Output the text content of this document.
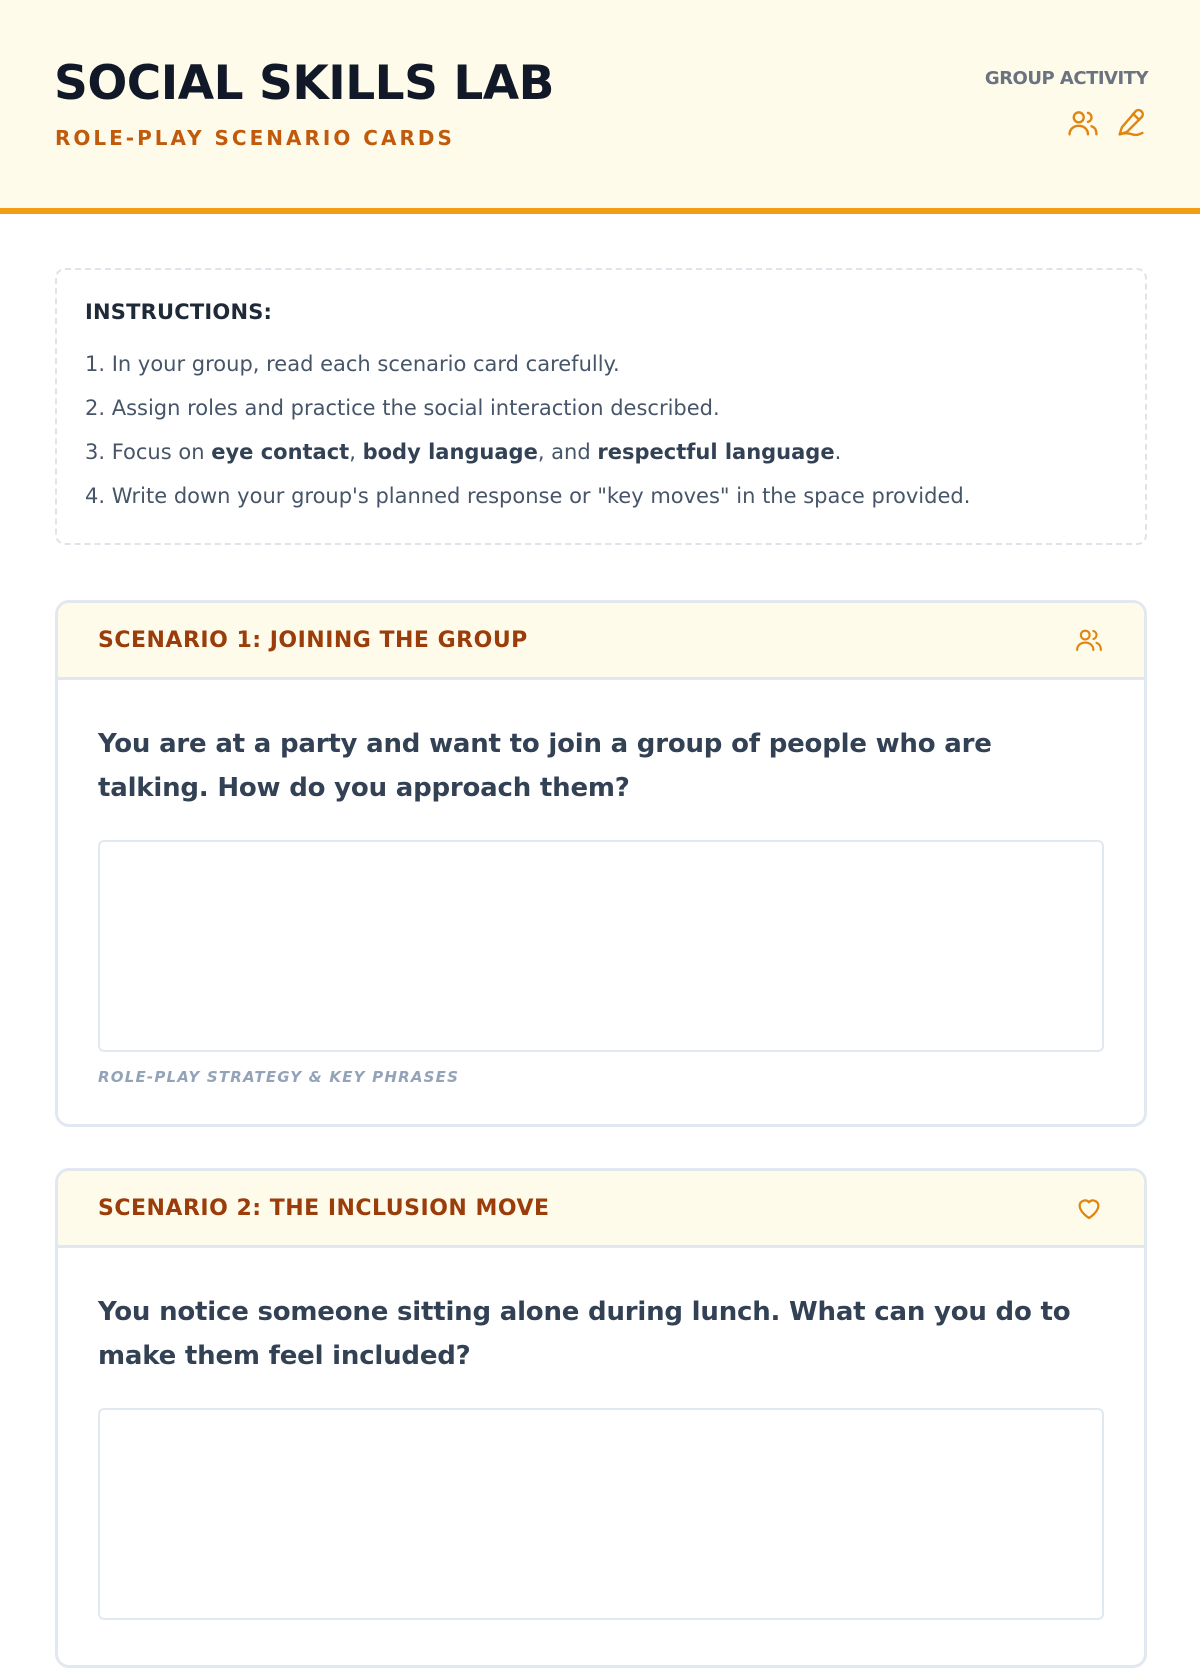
SOCIAL SKILLS LAB
ROLE-PLAY SCENARIO CARDS
GROUP ACTIVITY
INSTRUCTIONS:
1. In your group, read each scenario card carefully.
2. Assign roles and practice the social interaction described.
3. Focus on eye contact, body language, and respectful language.
4. Write down your group's planned response or "key moves" in the space provided.
SCENARIO 1: JOINING THE GROUP
You are at a party and want to join a group of people who are talking. How do you approach them?
ROLE-PLAY STRATEGY & KEY PHRASES
SCENARIO 2: THE INCLUSION MOVE
You notice someone sitting alone during lunch. What can you do to make them feel included?
